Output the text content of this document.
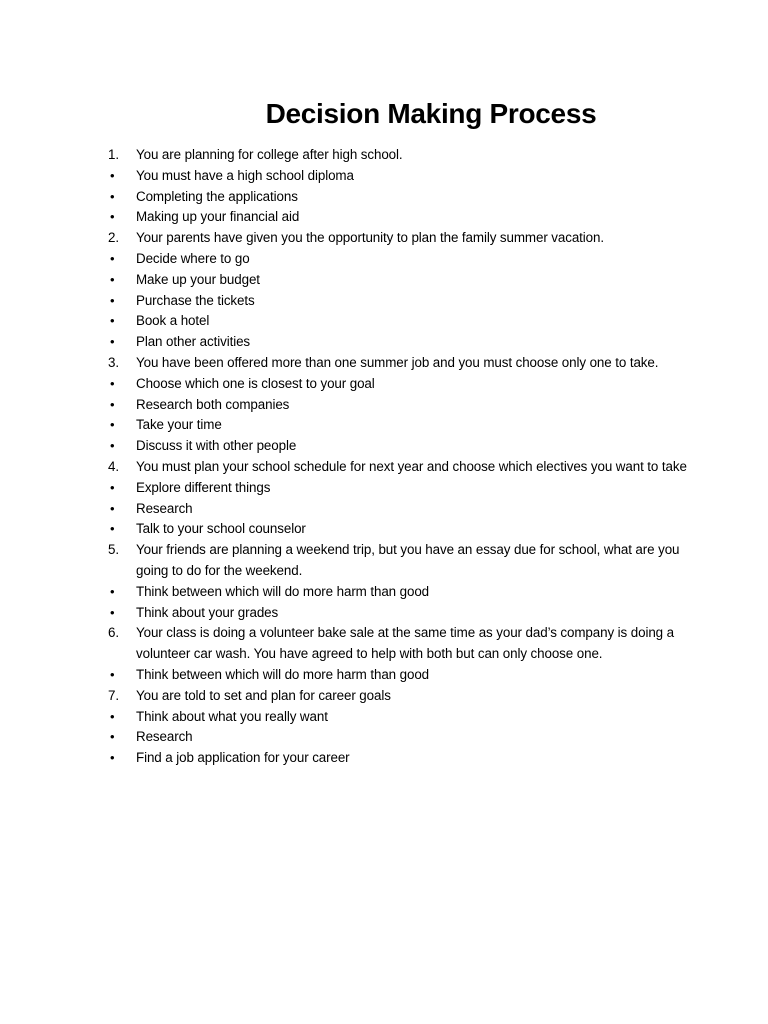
Decision Making Process
1.	You are planning for college after high school.
•	You must have a high school diploma
•	Completing the applications
•	Making up your financial aid
2.	Your parents have given you the opportunity to plan the family summer vacation.
•	Decide where to go
•	Make up your budget
•	Purchase the tickets
•	Book a hotel
•	Plan other activities
3.	You have been offered more than one summer job and you must choose only one to take.
•	Choose which one is closest to your goal
•	Research both companies
•	Take your time
•	Discuss it with other people
4.	You must plan your school schedule for next year and choose which electives you want to take
•	Explore different things
•	Research
•	Talk to your school counselor
5.	Your friends are planning a weekend trip, but you have an essay due for school, what are you going to do for the weekend.
•	Think between which will do more harm than good
•	Think about your grades
6.	Your class is doing a volunteer bake sale at the same time as your dad’s company is doing a volunteer car wash. You have agreed to help with both but can only choose one.
•	Think between which will do more harm than good
7.	You are told to set and plan for career goals
•	Think about what you really want
•	Research
•	Find a job application for your career
